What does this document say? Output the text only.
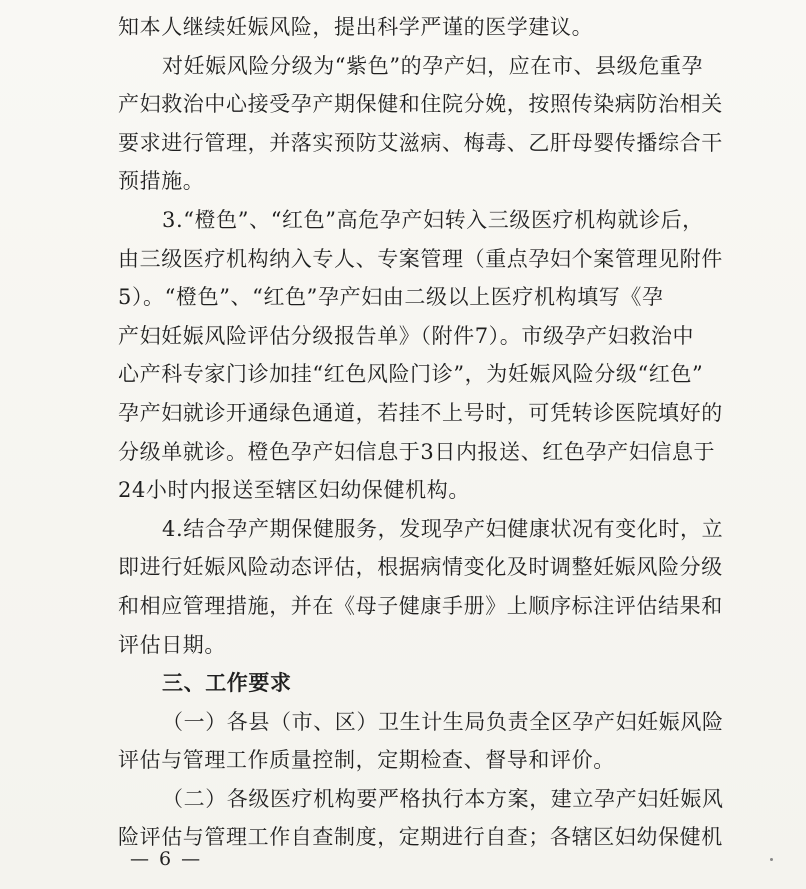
知本人继续妊娠风险，提出科学严谨的医学建议。
对妊娠风险分级为“紫色”的孕产妇，应在市、县级危重孕
产妇救治中心接受孕产期保健和住院分娩，按照传染病防治相关
要求进行管理，并落实预防艾滋病、梅毒、乙肝母婴传播综合干
预措施。
3.“橙色”、“红色”高危孕产妇转入三级医疗机构就诊后，
由三级医疗机构纳入专人、专案管理（重点孕妇个案管理见附件
5）。“橙色”、“红色”孕产妇由二级以上医疗机构填写《孕
产妇妊娠风险评估分级报告单》（附件7）。市级孕产妇救治中
心产科专家门诊加挂“红色风险门诊”，为妊娠风险分级“红色”
孕产妇就诊开通绿色通道，若挂不上号时，可凭转诊医院填好的
分级单就诊。橙色孕产妇信息于3日内报送、红色孕产妇信息于
24小时内报送至辖区妇幼保健机构。
4.结合孕产期保健服务，发现孕产妇健康状况有变化时，立
即进行妊娠风险动态评估，根据病情变化及时调整妊娠风险分级
和相应管理措施，并在《母子健康手册》上顺序标注评估结果和
评估日期。
三、工作要求
（一）各县（市、区）卫生计生局负责全区孕产妇妊娠风险
评估与管理工作质量控制，定期检查、督导和评价。
（二）各级医疗机构要严格执行本方案，建立孕产妇妊娠风
险评估与管理工作自查制度，定期进行自查；各辖区妇幼保健机
— 6 —
